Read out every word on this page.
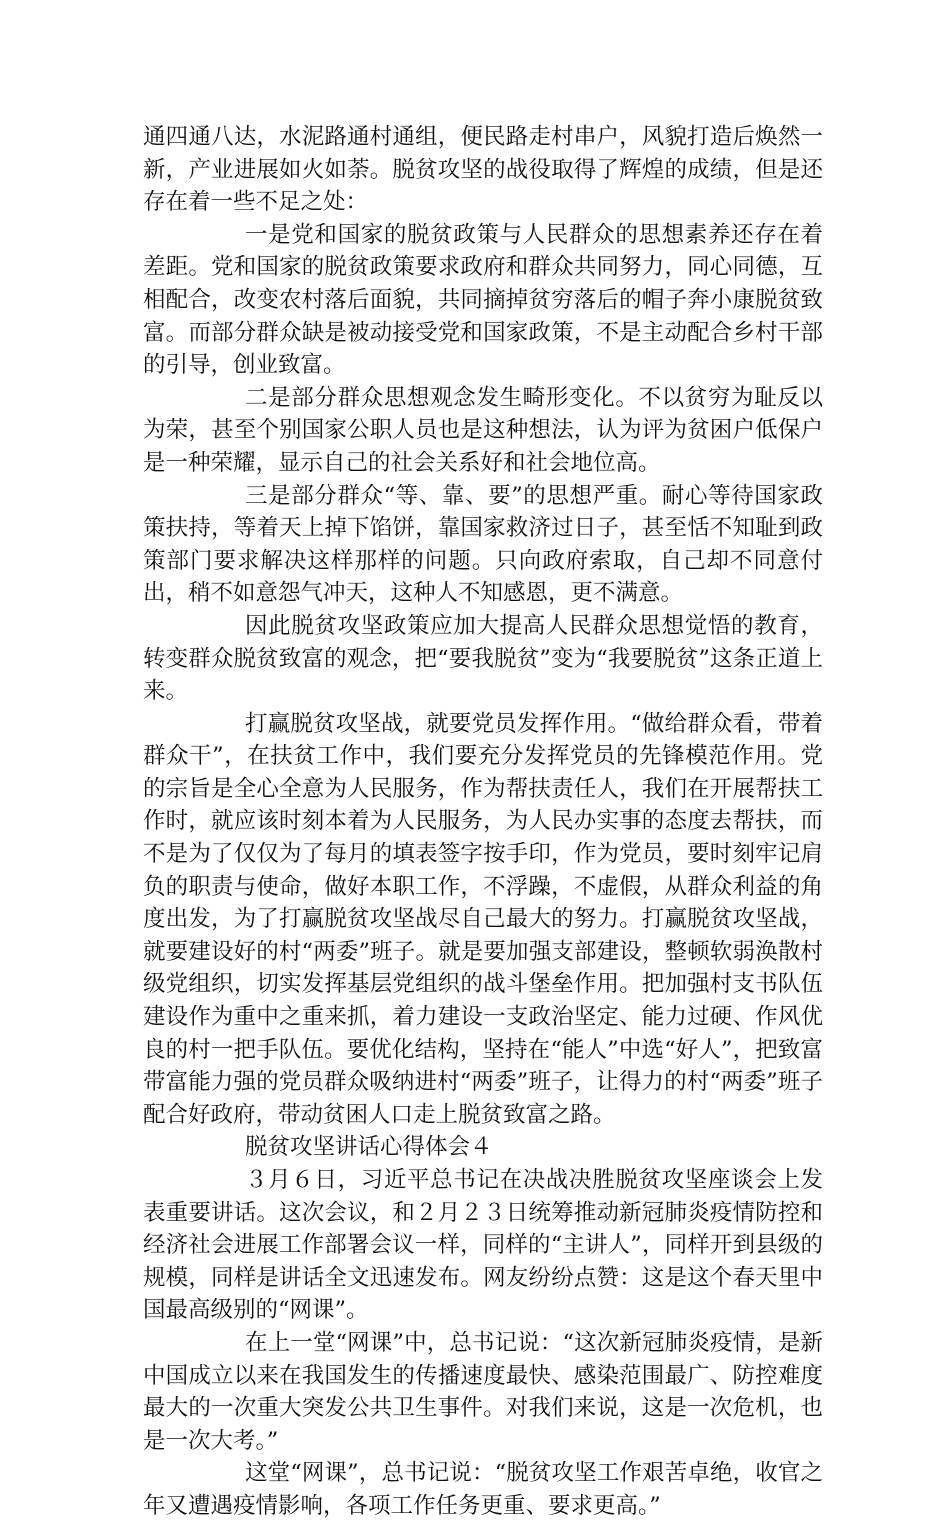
通四通八达，水泥路通村通组，便民路走村串户，风貌打造后焕然一新，产业进展如火如荼。脱贫攻坚的战役取得了辉煌的成绩，但是还存在着一些不足之处：

一是党和国家的脱贫政策与人民群众的思想素养还存在着差距。党和国家的脱贫政策要求政府和群众共同努力，同心同德，互相配合，改变农村落后面貌，共同摘掉贫穷落后的帽子奔小康脱贫致富。而部分群众缺是被动接受党和国家政策，不是主动配合乡村干部的引导，创业致富。

二是部分群众思想观念发生畸形变化。不以贫穷为耻反以为荣，甚至个别国家公职人员也是这种想法，认为评为贫困户低保户是一种荣耀，显示自己的社会关系好和社会地位高。

三是部分群众“等、靠、要”的思想严重。耐心等待国家政策扶持，等着天上掉下馅饼，靠国家救济过日子，甚至恬不知耻到政策部门要求解决这样那样的问题。只向政府索取，自己却不同意付出，稍不如意怨气冲天，这种人不知感恩，更不满意。

因此脱贫攻坚政策应加大提高人民群众思想觉悟的教育，转变群众脱贫致富的观念，把“要我脱贫”变为“我要脱贫”这条正道上来。

打赢脱贫攻坚战，就要党员发挥作用。“做给群众看，带着群众干”，在扶贫工作中，我们要充分发挥党员的先锋模范作用。党的宗旨是全心全意为人民服务，作为帮扶责任人，我们在开展帮扶工作时，就应该时刻本着为人民服务，为人民办实事的态度去帮扶，而不是为了仅仅为了每月的填表签字按手印，作为党员，要时刻牢记肩负的职责与使命，做好本职工作，不浮躁，不虚假，从群众利益的角度出发，为了打赢脱贫攻坚战尽自己最大的努力。打赢脱贫攻坚战，就要建设好的村“两委”班子。就是要加强支部建设，整顿软弱涣散村级党组织，切实发挥基层党组织的战斗堡垒作用。把加强村支书队伍建设作为重中之重来抓，着力建设一支政治坚定、能力过硬、作风优良的村一把手队伍。要优化结构，坚持在“能人”中选“好人”，把致富带富能力强的党员群众吸纳进村“两委”班子，让得力的村“两委”班子配合好政府，带动贫困人口走上脱贫致富之路。

脱贫攻坚讲话心得体会４

３月６日，习近平总书记在决战决胜脱贫攻坚座谈会上发表重要讲话。这次会议，和２月２３日统筹推动新冠肺炎疫情防控和经济社会进展工作部署会议一样，同样的“主讲人”，同样开到县级的规模，同样是讲话全文迅速发布。网友纷纷点赞：这是这个春天里中国最高级别的“网课”。

在上一堂“网课”中，总书记说：“这次新冠肺炎疫情，是新中国成立以来在我国发生的传播速度最快、感染范围最广、防控难度最大的一次重大突发公共卫生事件。对我们来说，这是一次危机，也是一次大考。”

这堂“网课”，总书记说：“脱贫攻坚工作艰苦卓绝，收官之年又遭遇疫情影响，各项工作任务更重、要求更高。”
